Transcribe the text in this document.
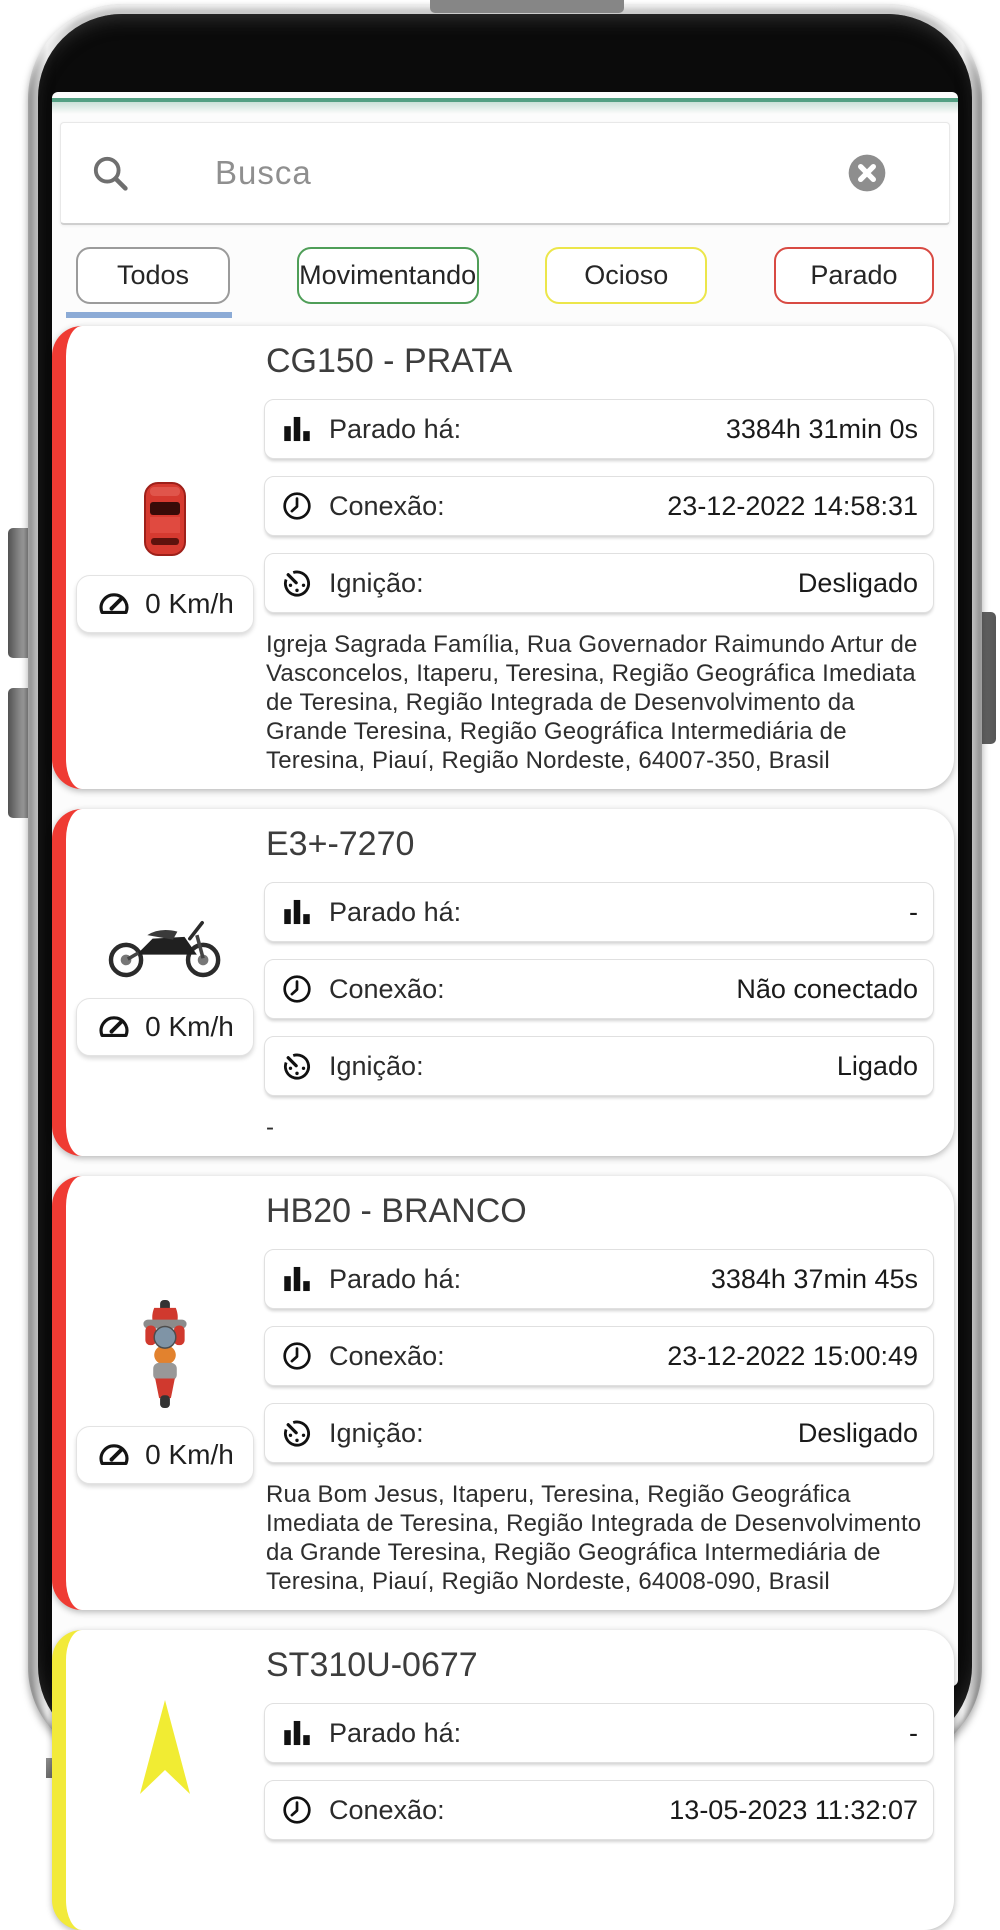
Busca
Todos	Movimentando	Ocioso	Parado
0 Km/h
CG150 - PRATA
Parado há:	3384h 31min 0s
Conexão:	23-12-2022 14:58:31
Ignição:	Desligado

Igreja Sagrada Família, Rua Governador Raimundo Artur de Vasconcelos, Itaperu, Teresina, Região Geográfica Imediata de Teresina, Região Integrada de Desenvolvimento da Grande Teresina, Região Geográfica Intermediária de Teresina, Piauí, Região Nordeste, 64007-350, Brasil

0 Km/h
E3+-7270
Parado há:	-
Conexão:	Não conectado
Ignição:	Ligado

-

0 Km/h
HB20 - BRANCO
Parado há:	3384h 37min 45s
Conexão:	23-12-2022 15:00:49
Ignição:	Desligado

Rua Bom Jesus, Itaperu, Teresina, Região Geográfica Imediata de Teresina, Região Integrada de Desenvolvimento da Grande Teresina, Região Geográfica Intermediária de Teresina, Piauí, Região Nordeste, 64008-090, Brasil

ST310U-0677
Parado há:	-
Conexão:	13-05-2023 11:32:07
